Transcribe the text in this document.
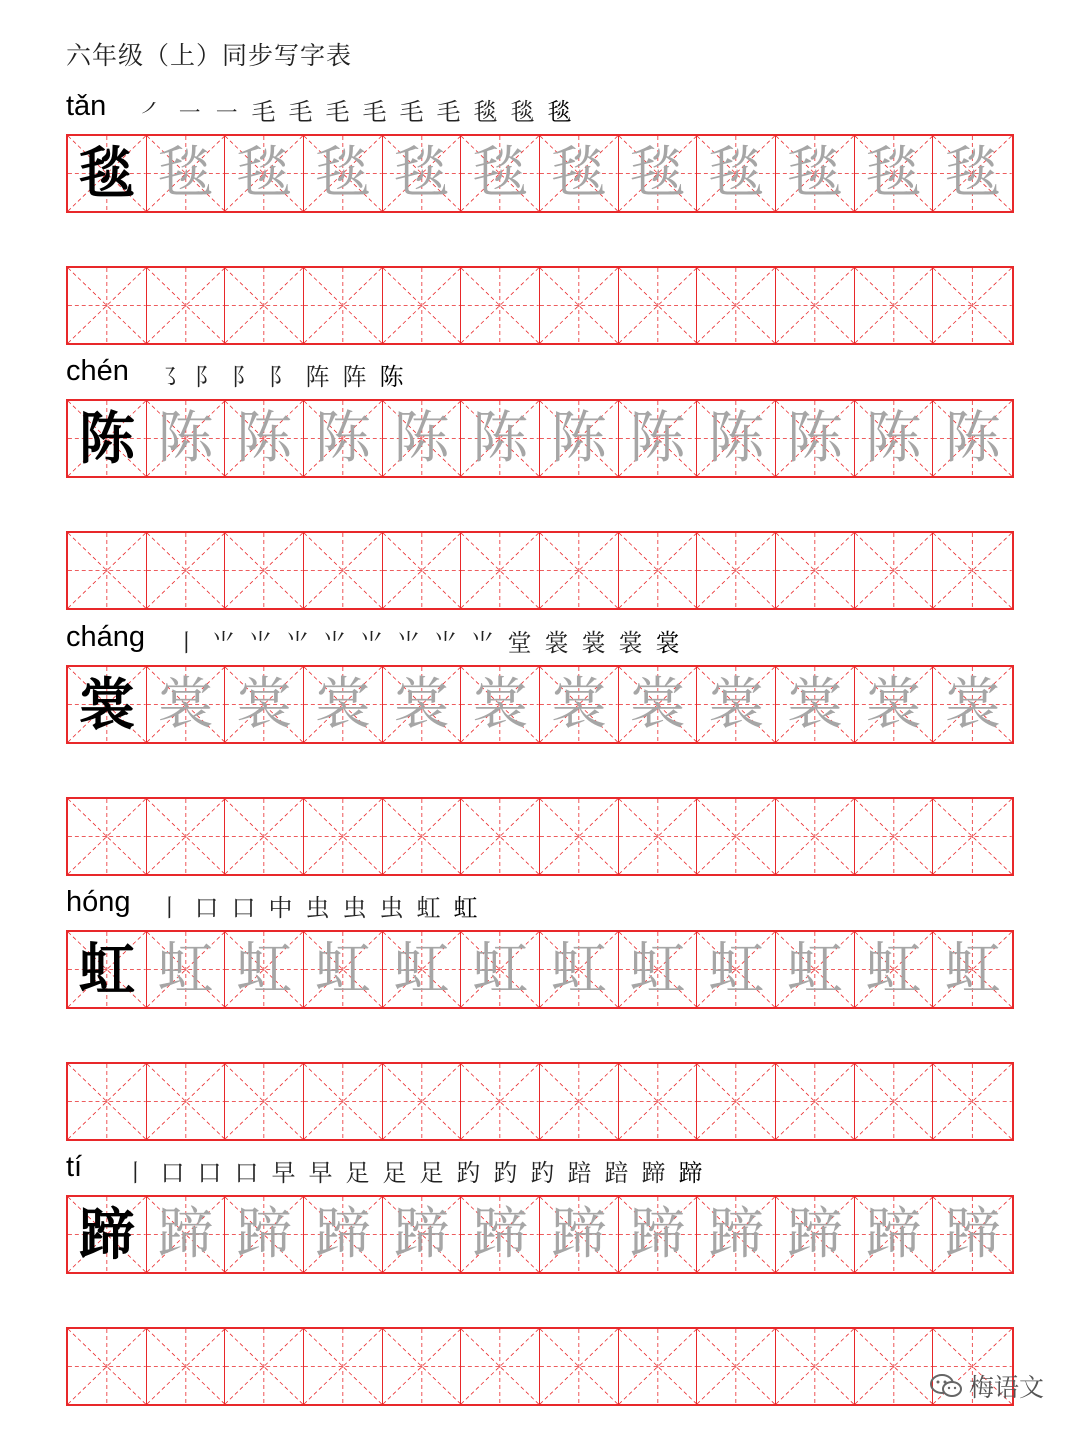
六年级（上）同步写字表
tǎn ㇒ ㇐ ㇐ 毛 毛 毛 毛 毛 毛 毯 毯 毯
毯 毯 毯 毯 毯 毯 毯 毯 毯 毯 毯 毯
chén ㇌ 阝 阝 阝 阵 阵 陈
陈 陈 陈 陈 陈 陈 陈 陈 陈 陈 陈 陈
cháng 丨 ⺌ ⺌ ⺌ ⺌ ⺌ ⺌ ⺌ ⺌ 堂 裳 裳 裳 裳
裳 裳 裳 裳 裳 裳 裳 裳 裳 裳 裳 裳
hóng 丨 口 口 中 虫 虫 虫 虹 虹
虹 虹 虹 虹 虹 虹 虹 虹 虹 虹 虹 虹
tí 丨 口 口 口 早 早 足 足 足 趵 趵 趵 踣 踣 蹄 蹄
蹄 蹄 蹄 蹄 蹄 蹄 蹄 蹄 蹄 蹄 蹄 蹄
梅语文
